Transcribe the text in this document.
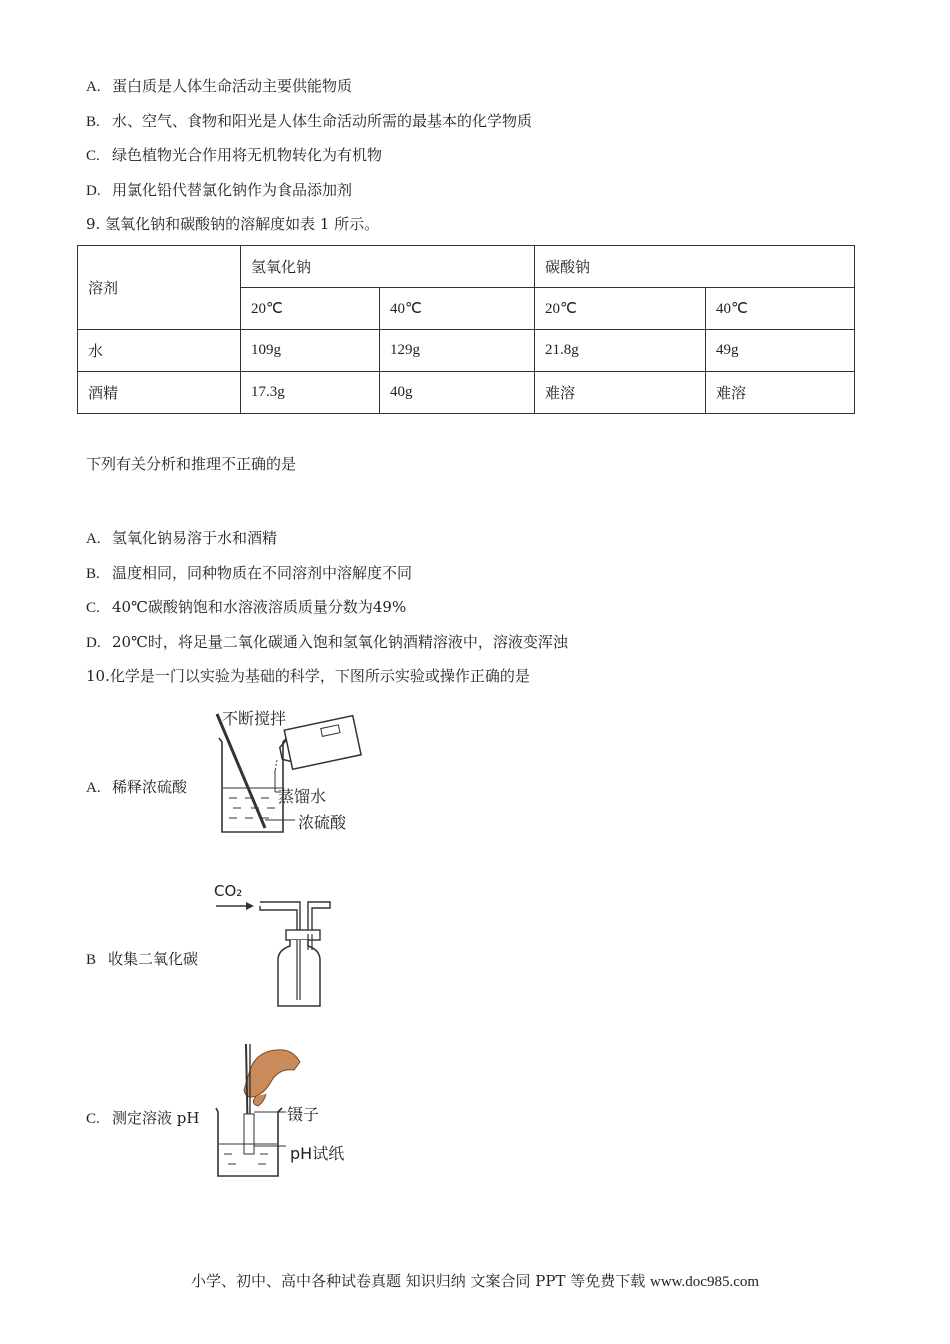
A. 蛋白质是人体生命活动主要供能物质
B. 水、空气、食物和阳光是人体生命活动所需的最基本的化学物质
C. 绿色植物光合作用将无机物转化为有机物
D. 用氯化铅代替氯化钠作为食品添加剂
9. 氢氧化钠和碳酸钠的溶解度如表 1 所示。
溶剂	氢氧化钠		碳酸钠	
	20℃	40℃	20℃	40℃
水	109g	129g	21.8g	49g
酒精	17.3g	40g	难溶	难溶
下列有关分析和推理不正确的是
A. 氢氧化钠易溶于水和酒精
B. 温度相同，同种物质在不同溶剂中溶解度不同
C. 40℃碳酸钠饱和水溶液溶质质量分数为49%
D. 20℃时，将足量二氧化碳通入饱和氢氧化钠酒精溶液中，溶液变浑浊
10.化学是一门以实验为基础的科学，下图所示实验或操作正确的是
A. 稀释浓硫酸
不断搅拌
蒸馏水
浓硫酸
B 收集二氧化碳
CO₂
C. 测定溶液 pH	镊子
pH试纸
小学、初中、高中各种试卷真题 知识归纳 文案合同 PPT 等免费下载 www.doc985.com
